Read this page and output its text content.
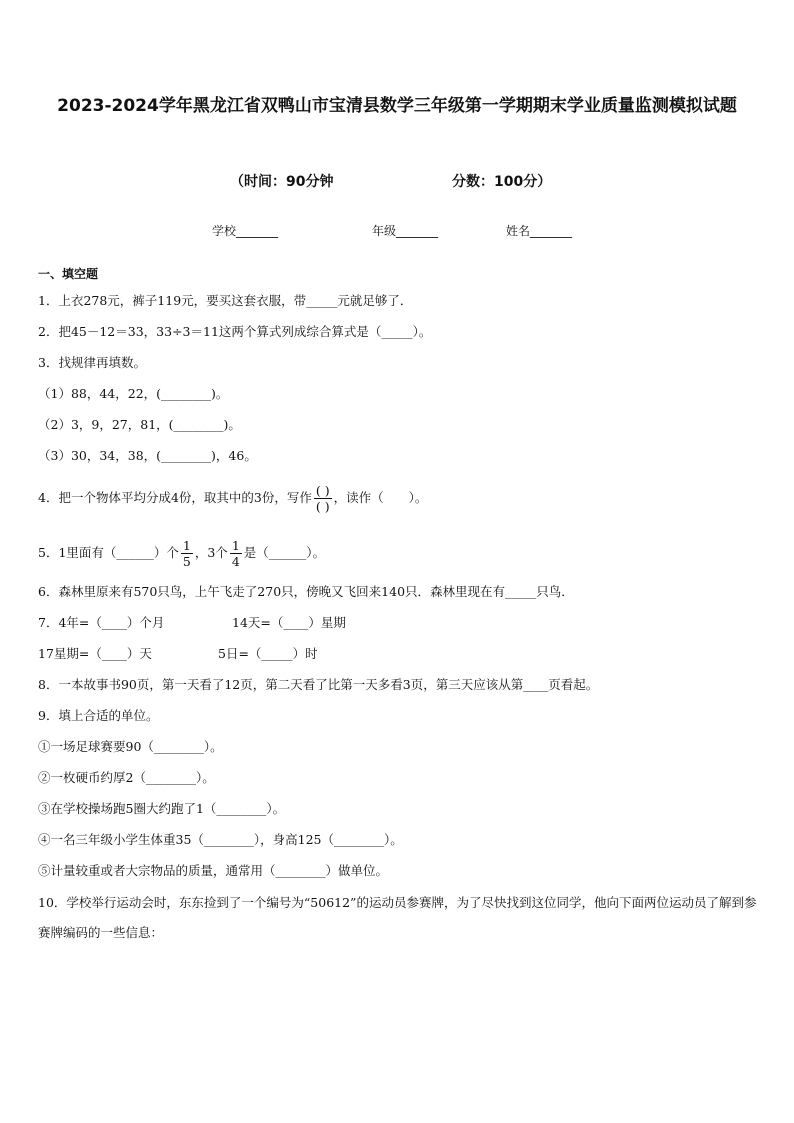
2023-2024学年黑龙江省双鸭山市宝清县数学三年级第一学期期末学业质量监测模拟试题
（时间：90分钟	分数：100分）
学校_______	年级_______	姓名_______
一、填空题
1．上衣278元，裤子119元，要买这套衣服，带_____元就足够了．
2．把45－12＝33，33÷3＝11这两个算式列成综合算式是（_____）。
3．找规律再填数。
（1）88，44，22，(________)。
（2）3，9，27，81，(________)。
（3）30，34，38，(________)，46。
4．把一个物体平均分成4份，取其中的3份，写作 $\frac{( )}{( )}$ ，读作（　　）。
5．1里面有（______）个 $\frac{1}{5}$ ，3个 $\frac{1}{4}$ 是（______）。
6．森林里原来有570只鸟，上午飞走了270只，傍晚又飞回来140只．森林里现在有_____只鸟．
7．4年=（____）个月	14天=（____）星期
17星期=（____）天	5日=（_____）时
8．一本故事书90页，第一天看了12页，第二天看了比第一天多看3页，第三天应该从第____页看起。
9．填上合适的单位。
①一场足球赛要90（________）。
②一枚硬币约厚2（________）。
③在学校操场跑5圈大约跑了1（________）。
④一名三年级小学生体重35（________），身高125（________）。
⑤计量较重或者大宗物品的质量，通常用（________）做单位。
10．学校举行运动会时，东东捡到了一个编号为“50612”的运动员参赛牌，为了尽快找到这位同学，他向下面两位运动员了解到参赛牌编码的一些信息：
